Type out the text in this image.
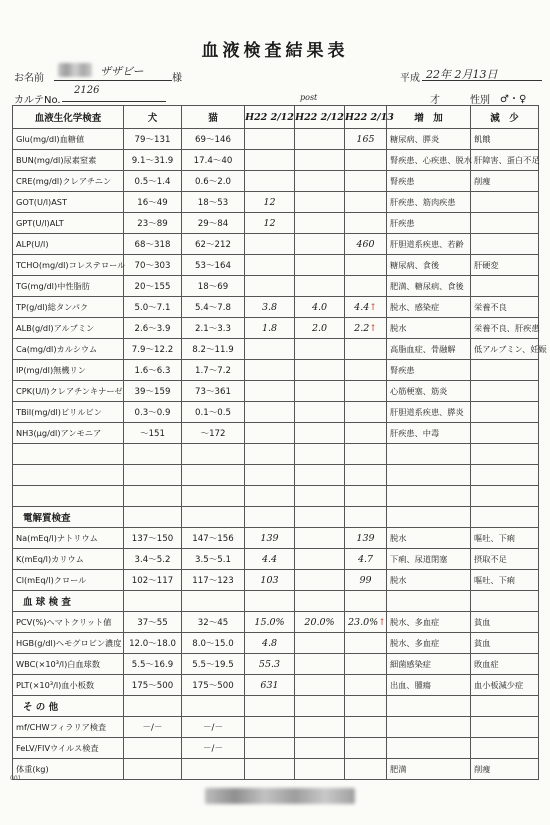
血液検査結果表
お名前
ザザビー
様	平成 22年 2月13日
カルテNo.
2126
post	才	性別 ♂・♀
血液生化学検査	犬	猫	H22 2/12	H22 2/12	H22 2/13	増　加	減　少
Glu(mg/dl)血糖値	79～131	69～146			165	糖尿病、膵炎	飢餓
BUN(mg/dl)尿素窒素	9.1～31.9	17.4～40				腎疾患、心疾患、脱水	肝障害、蛋白不足
CRE(mg/dl)クレアチニン	0.5～1.4	0.6～2.0				腎疾患	削痩
GOT(U/l)AST	16～49	18～53	12			肝疾患、筋肉疾患	
GPT(U/l)ALT	23～89	29～84	12			肝疾患	
ALP(U/l)	68～318	62～212			460	肝胆道系疾患、若齢	
TCHO(mg/dl)コレステロール	70～303	53～164				糖尿病、食後	肝硬変
TG(mg/dl)中性脂肪	20～155	18～69				肥満、糖尿病、食後	
TP(g/dl)総タンパク	5.0～7.1	5.4～7.8	3.8	4.0	4.4↑	脱水、感染症	栄養不良
ALB(g/dl)アルブミン	2.6～3.9	2.1～3.3	1.8	2.0	2.2↑	脱水	栄養不良、肝疾患
Ca(mg/dl)カルシウム	7.9～12.2	8.2～11.9				高脂血症、骨融解	低アルブミン、妊娠
IP(mg/dl)無機リン	1.6～6.3	1.7～7.2				腎疾患	
CPK(U/l)クレアチンキナーゼ	39～159	73～361				心筋梗塞、筋炎	
TBil(mg/dl)ビリルビン	0.3～0.9	0.1～0.5				肝胆道系疾患、膵炎	
NH3(μg/dl)アンモニア	～151	～172				肝疾患、中毒	

電解質検査							
Na(mEq/l)ナトリウム	137～150	147～156	139		139	脱水	嘔吐、下痢
K(mEq/l)カリウム	3.4～5.2	3.5～5.1	4.4		4.7	下痢、尿道閉塞	摂取不足
Cl(mEq/l)クロール	102～117	117～123	103		99	脱水	嘔吐、下痢
血 球 検 査							
PCV(%)ヘマトクリット値	37～55	32～45	15.0%	20.0%	23.0%↑	脱水、多血症	貧血
HGB(g/dl)ヘモグロビン濃度	12.0～18.0	8.0～15.0	4.8			脱水、多血症	貧血
WBC(×10³/l)白血球数	5.5～16.9	5.5～19.5	55.3			細菌感染症	敗血症
PLT(×10³/l)血小板数	175～500	175～500	631			出血、腫瘍	血小板減少症
そ の 他							
mf/CHWフィラリア検査	－/－	－/－					
FeLV/FIVウイルス検査		－/－					
体重(kg)						肥満	削痩
001
